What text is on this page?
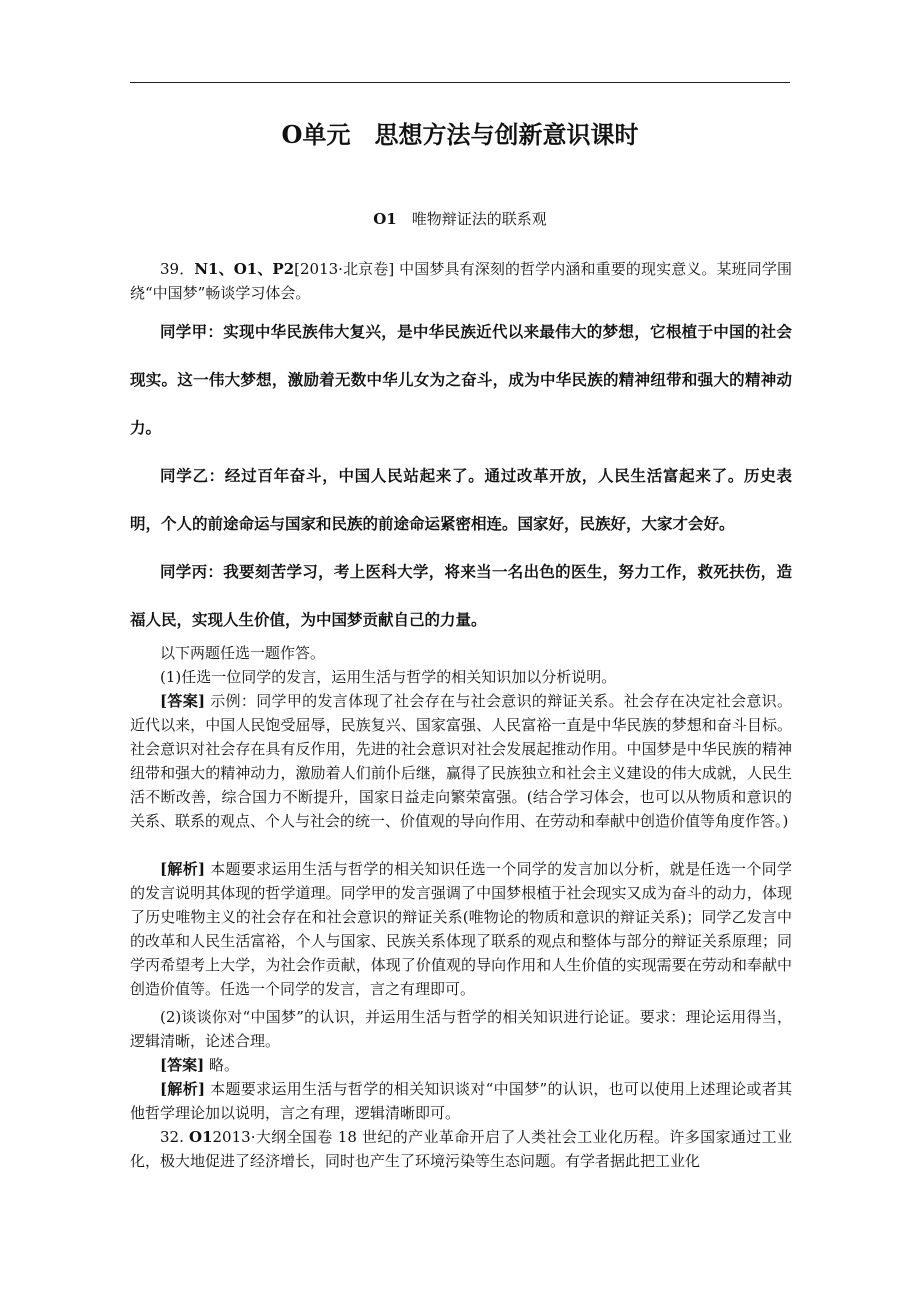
O单元　思想方法与创新意识课时
O1　 唯物辩证法的联系观
39．N1、O1、P2[2013·北京卷] 中国梦具有深刻的哲学内涵和重要的现实意义。某班同学围绕“中国梦”畅谈学习体会。
同学甲：实现中华民族伟大复兴，是中华民族近代以来最伟大的梦想，它根植于中国的社会现实。这一伟大梦想，激励着无数中华儿女为之奋斗，成为中华民族的精神纽带和强大的精神动力。
同学乙：经过百年奋斗，中国人民站起来了。通过改革开放，人民生活富起来了。历史表明，个人的前途命运与国家和民族的前途命运紧密相连。国家好，民族好，大家才会好。
同学丙：我要刻苦学习，考上医科大学，将来当一名出色的医生，努力工作，救死扶伤，造福人民，实现人生价值，为中国梦贡献自己的力量。
以下两题任选一题作答。
(1)任选一位同学的发言，运用生活与哲学的相关知识加以分析说明。
[答案] 示例：同学甲的发言体现了社会存在与社会意识的辩证关系。社会存在决定社会意识。近代以来，中国人民饱受屈辱，民族复兴、国家富强、人民富裕一直是中华民族的梦想和奋斗目标。社会意识对社会存在具有反作用，先进的社会意识对社会发展起推动作用。中国梦是中华民族的精神纽带和强大的精神动力，激励着人们前仆后继，赢得了民族独立和社会主义建设的伟大成就，人民生活不断改善，综合国力不断提升，国家日益走向繁荣富强。(结合学习体会，也可以从物质和意识的关系、联系的观点、个人与社会的统一、价值观的导向作用、在劳动和奉献中创造价值等角度作答。)
[解析] 本题要求运用生活与哲学的相关知识任选一个同学的发言加以分析，就是任选一个同学的发言说明其体现的哲学道理。同学甲的发言强调了中国梦根植于社会现实又成为奋斗的动力，体现了历史唯物主义的社会存在和社会意识的辩证关系(唯物论的物质和意识的辩证关系)；同学乙发言中的改革和人民生活富裕，个人与国家、民族关系体现了联系的观点和整体与部分的辩证关系原理；同学丙希望考上大学，为社会作贡献，体现了价值观的导向作用和人生价值的实现需要在劳动和奉献中创造价值等。任选一个同学的发言，言之有理即可。
(2)谈谈你对“中国梦”的认识，并运用生活与哲学的相关知识进行论证。要求：理论运用得当，逻辑清晰，论述合理。
[答案] 略。
[解析] 本题要求运用生活与哲学的相关知识谈对“中国梦”的认识，也可以使用上述理论或者其他哲学理论加以说明，言之有理，逻辑清晰即可。
32. O12013·大纲全国卷 18 世纪的产业革命开启了人类社会工业化历程。许多国家通过工业化，极大地促进了经济增长，同时也产生了环境污染等生态问题。有学者据此把工业化
